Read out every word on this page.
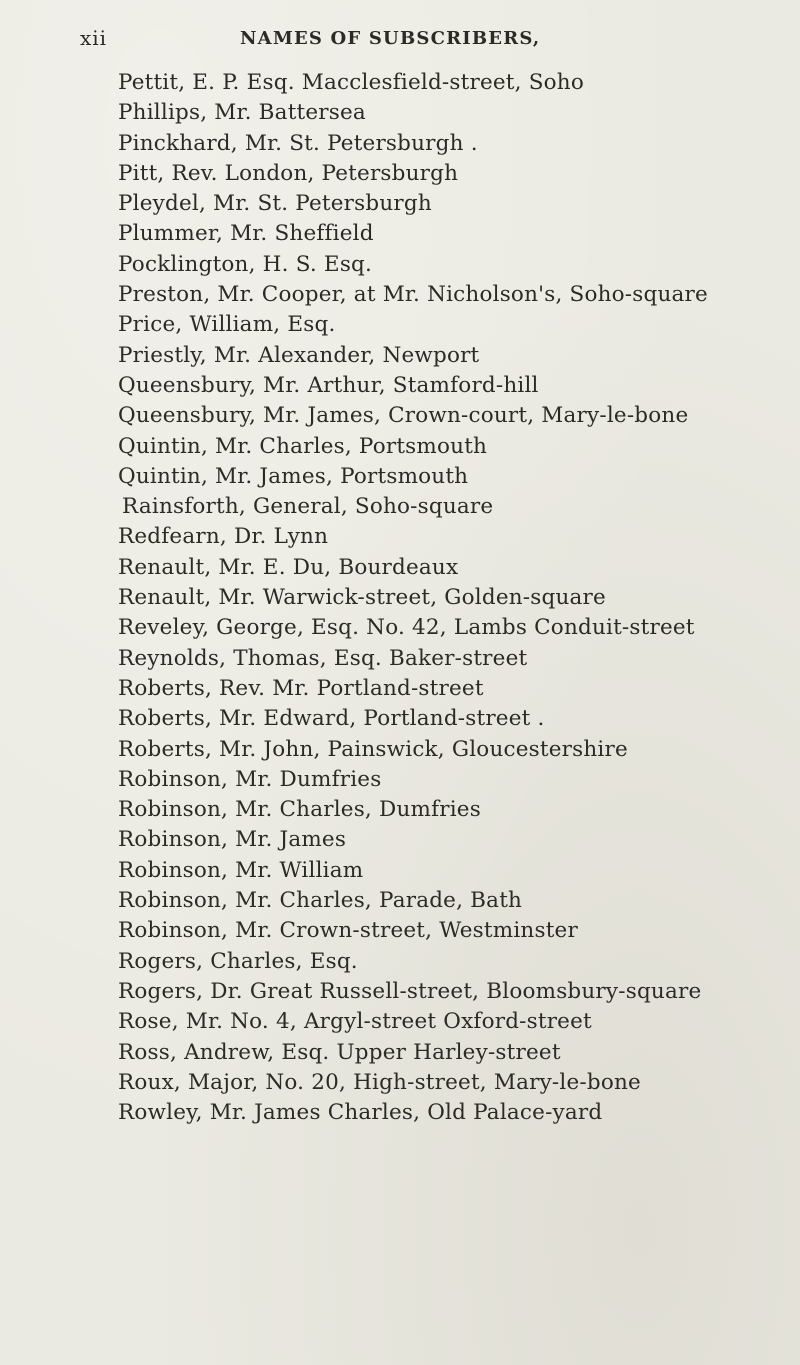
xii	NAMES OF SUBSCRIBERS,
Pettit, E. P. Esq. Macclesfield-street, Soho
Phillips, Mr. Battersea
Pinckhard, Mr. St. Petersburgh .
Pitt, Rev. London, Petersburgh
Pleydel, Mr. St. Petersburgh
Plummer, Mr. Sheffield
Pocklington, H. S. Esq.
Preston, Mr. Cooper, at Mr. Nicholson's, Soho-square
Price, William, Esq.
Priestly, Mr. Alexander, Newport
Queensbury, Mr. Arthur, Stamford-hill
Queensbury, Mr. James, Crown-court, Mary-le-bone
Quintin, Mr. Charles, Portsmouth
Quintin, Mr. James, Portsmouth
Rainsforth, General, Soho-square
Redfearn, Dr. Lynn
Renault, Mr. E. Du, Bourdeaux
Renault, Mr. Warwick-street, Golden-square
Reveley, George, Esq. No. 42, Lambs Conduit-street
Reynolds, Thomas, Esq. Baker-street
Roberts, Rev. Mr. Portland-street
Roberts, Mr. Edward, Portland-street .
Roberts, Mr. John, Painswick, Gloucestershire
Robinson, Mr. Dumfries
Robinson, Mr. Charles, Dumfries
Robinson, Mr. James
Robinson, Mr. William
Robinson, Mr. Charles, Parade, Bath
Robinson, Mr. Crown-street, Westminster
Rogers, Charles, Esq.
Rogers, Dr. Great Russell-street, Bloomsbury-square
Rose, Mr. No. 4, Argyl-street Oxford-street
Ross, Andrew, Esq. Upper Harley-street
Roux, Major, No. 20, High-street, Mary-le-bone
Rowley, Mr. James Charles, Old Palace-yard
